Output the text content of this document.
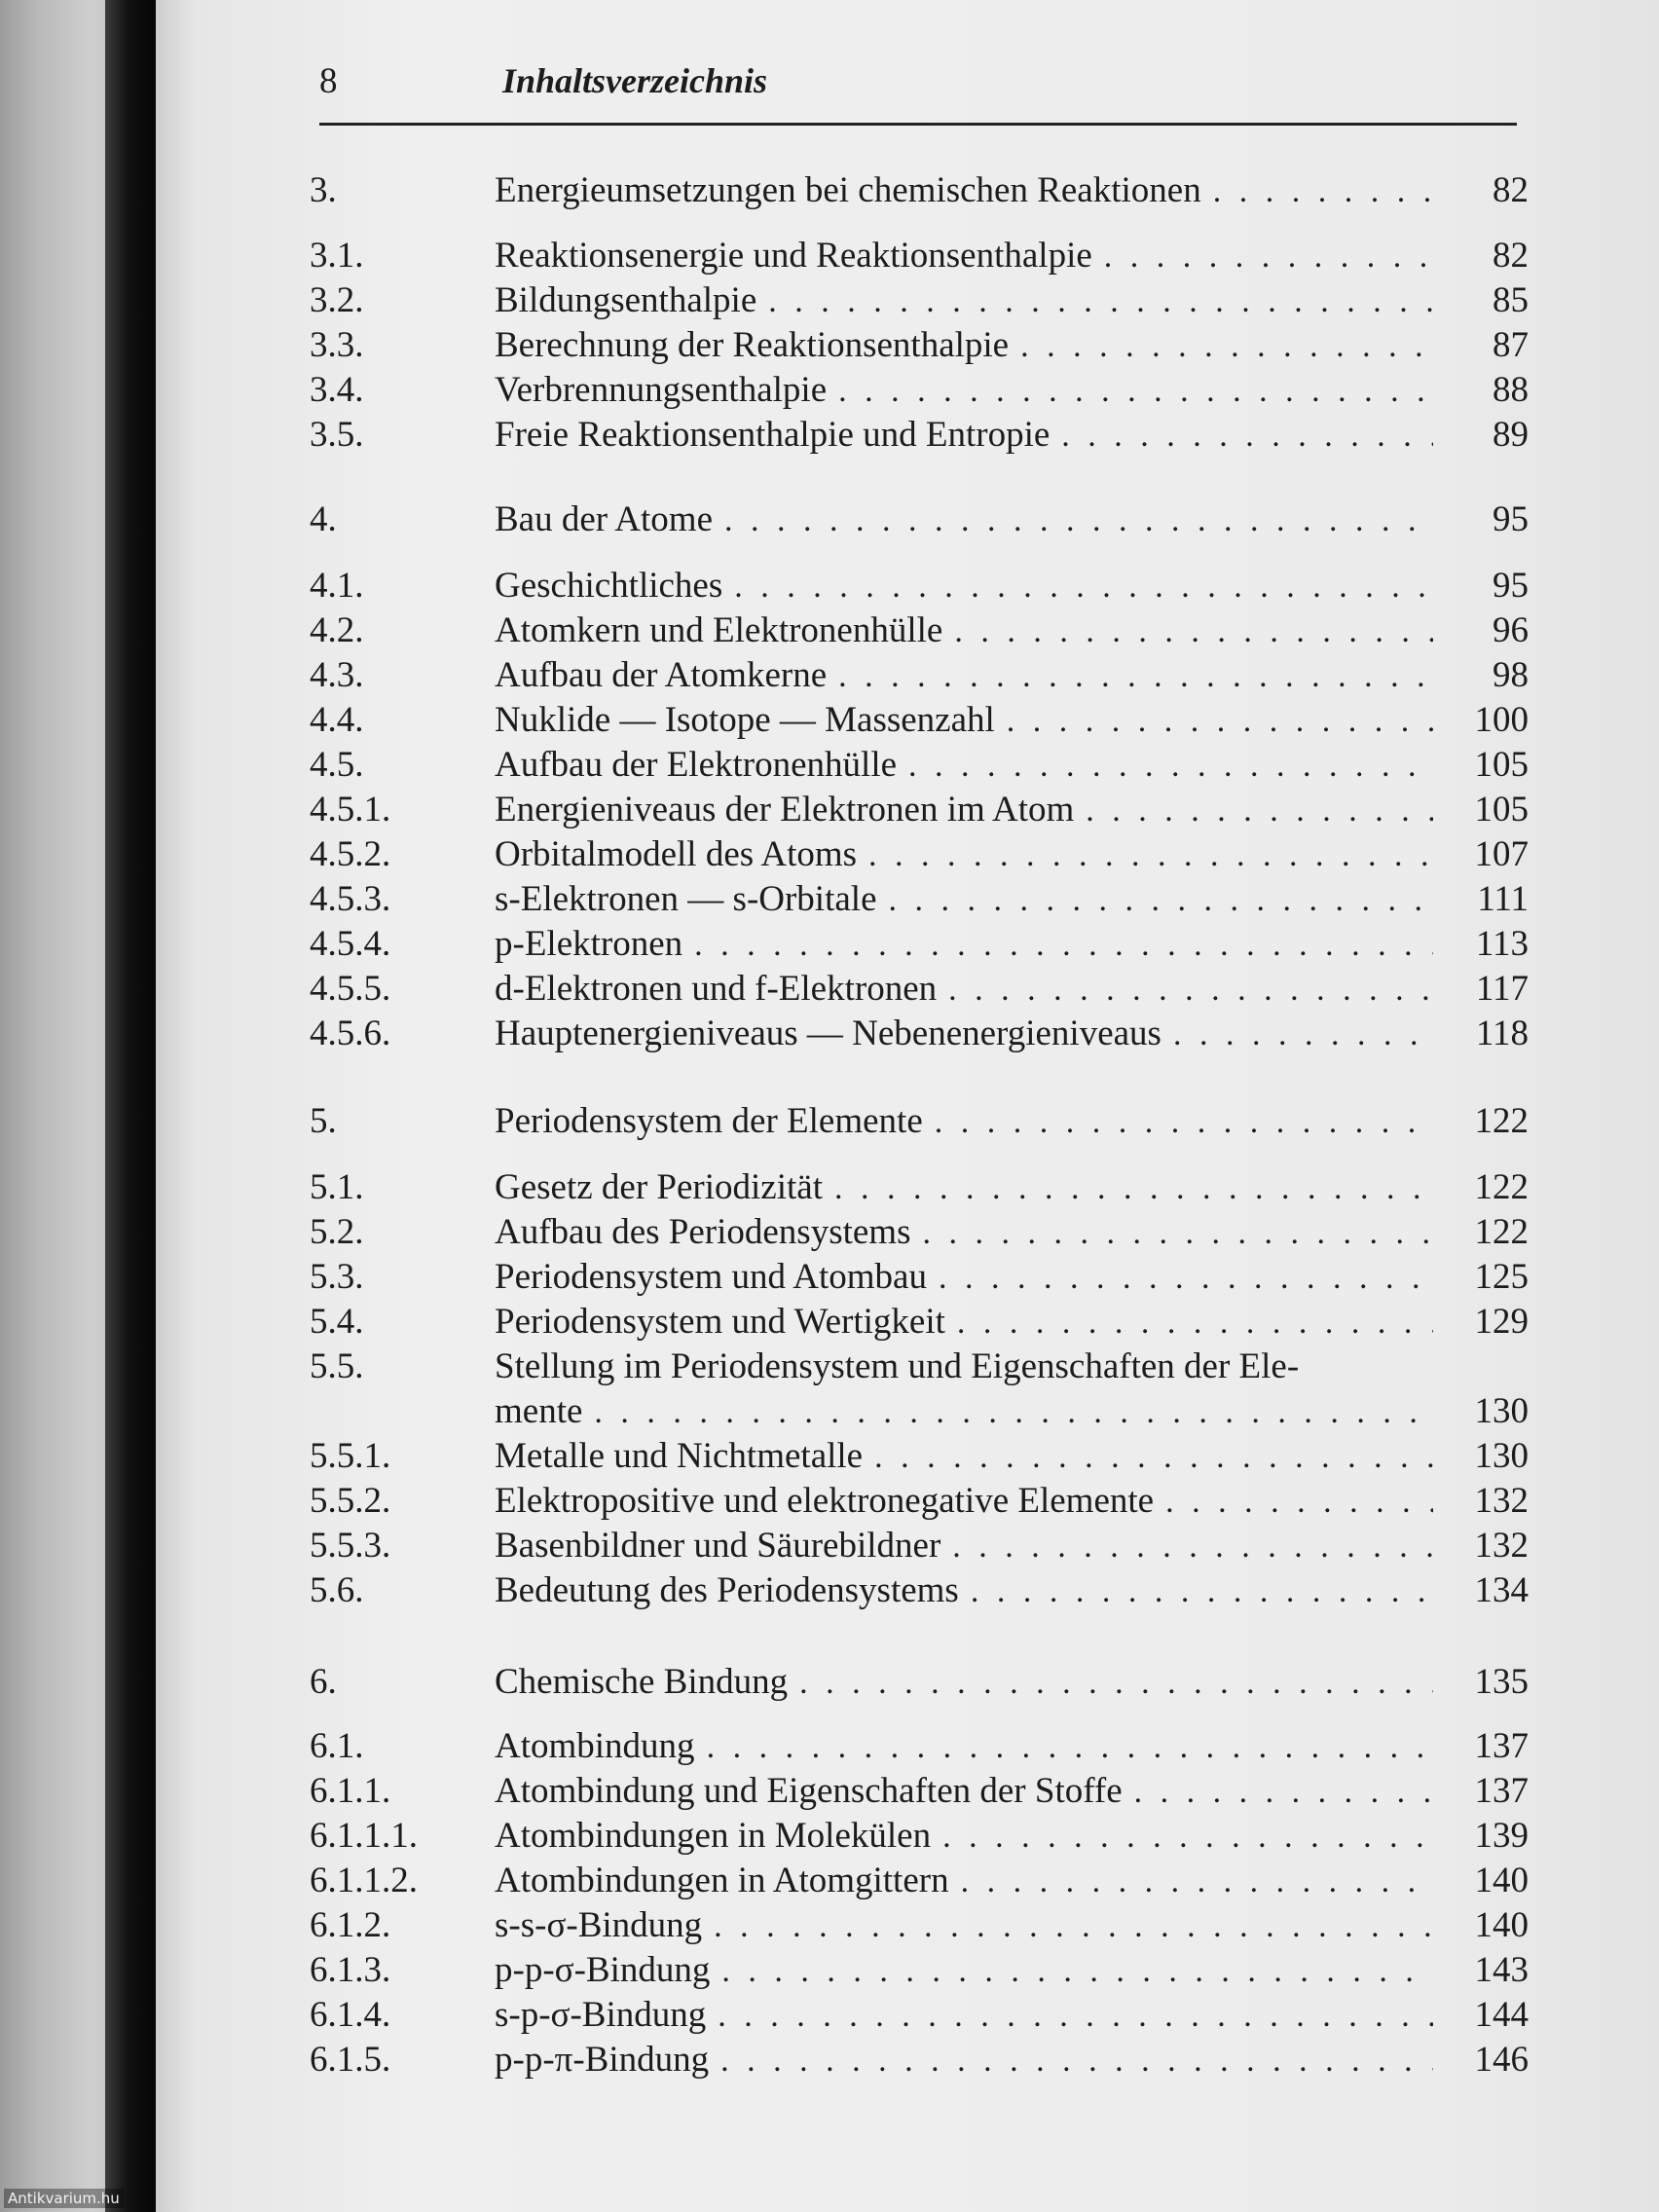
8	Inhaltsverzeichnis
3.	Energieumsetzungen bei chemischen Reaktionen . . .	82
3.1.	Reaktionsenergie und Reaktionsenthalpie . . .	82
3.2.	Bildungsenthalpie . . .	85
3.3.	Berechnung der Reaktionsenthalpie . . .	87
3.4.	Verbrennungsenthalpie . . .	88
3.5.	Freie Reaktionsenthalpie und Entropie . . .	89
4.	Bau der Atome . . .	95
4.1.	Geschichtliches . . .	95
4.2.	Atomkern und Elektronenhülle . . .	96
4.3.	Aufbau der Atomkerne . . .	98
4.4.	Nuklide — Isotope — Massenzahl . . .	100
4.5.	Aufbau der Elektronenhülle . . .	105
4.5.1.	Energieniveaus der Elektronen im Atom . . .	105
4.5.2.	Orbitalmodell des Atoms . . .	107
4.5.3.	s-Elektronen — s-Orbitale . . .	111
4.5.4.	p-Elektronen . . .	113
4.5.5.	d-Elektronen und f-Elektronen . . .	117
4.5.6.	Hauptenergieniveaus — Nebenenergieniveaus . . .	118
5.	Periodensystem der Elemente . . .	122
5.1.	Gesetz der Periodizität . . .	122
5.2.	Aufbau des Periodensystems . . .	122
5.3.	Periodensystem und Atombau . . .	125
5.4.	Periodensystem und Wertigkeit . . .	129
5.5.	Stellung im Periodensystem und Eigenschaften der Ele-
mente . . .	130
5.5.1.	Metalle und Nichtmetalle . . .	130
5.5.2.	Elektropositive und elektronegative Elemente . . .	132
5.5.3.	Basenbildner und Säurebildner . . .	132
5.6.	Bedeutung des Periodensystems . . .	134
6.	Chemische Bindung . . .	135
6.1.	Atombindung . . .	137
6.1.1.	Atombindung und Eigenschaften der Stoffe . . .	137
6.1.1.1.	Atombindungen in Molekülen . . .	139
6.1.1.2.	Atombindungen in Atomgittern . . .	140
6.1.2.	s-s-σ-Bindung . . .	140
6.1.3.	p-p-σ-Bindung . . .	143
6.1.4.	s-p-σ-Bindung . . .	144
6.1.5.	p-p-π-Bindung . . .	146
Antikvarium.hu
